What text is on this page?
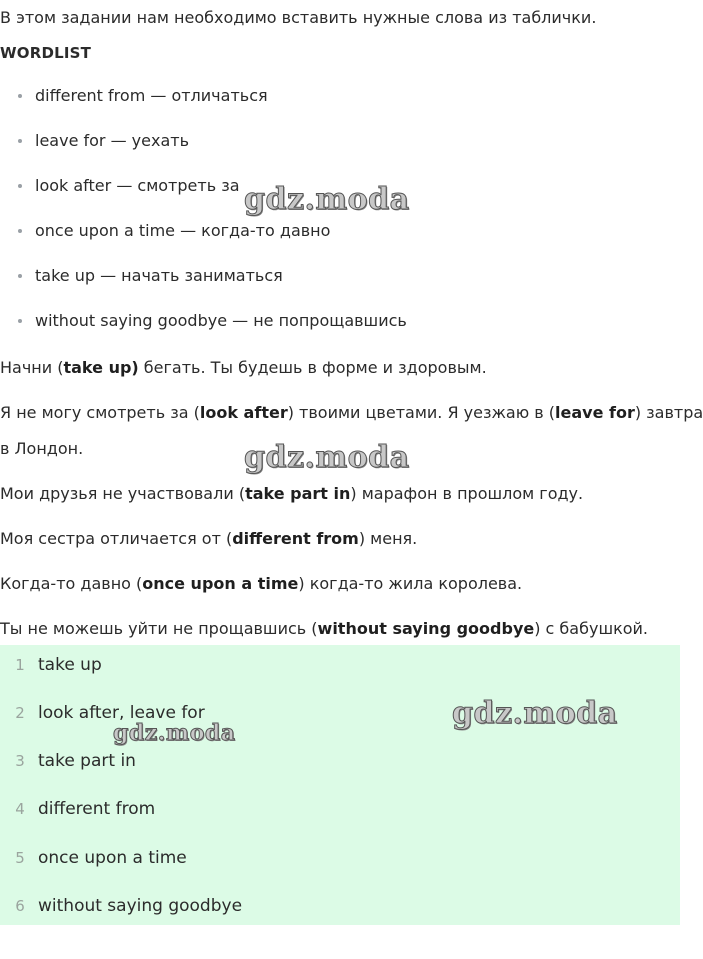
В этом задании нам необходимо вставить нужные слова из таблички.
WORDLIST
different from — отличаться
leave for — уехать
look after — смотреть за
once upon a time — когда-то давно
take up — начать заниматься
without saying goodbye — не попрощавшись
Начни (take up) бегать. Ты будешь в форме и здоровым.
Я не могу смотреть за (look after) твоими цветами. Я уезжаю в (leave for) завтра
в Лондон.
Мои друзья не участвовали (take part in) марафон в прошлом году.
Моя сестра отличается от (different from) меня.
Когда-то давно (once upon a time) когда-то жила королева.
Ты не можешь уйти не прощавшись (without saying goodbye) с бабушкой.
1 take up
2 look after, leave for
3 take part in
4 different from
5 once upon a time
6 without saying goodbye
gdz.moda
gdz.moda
gdz.moda
gdz.moda
